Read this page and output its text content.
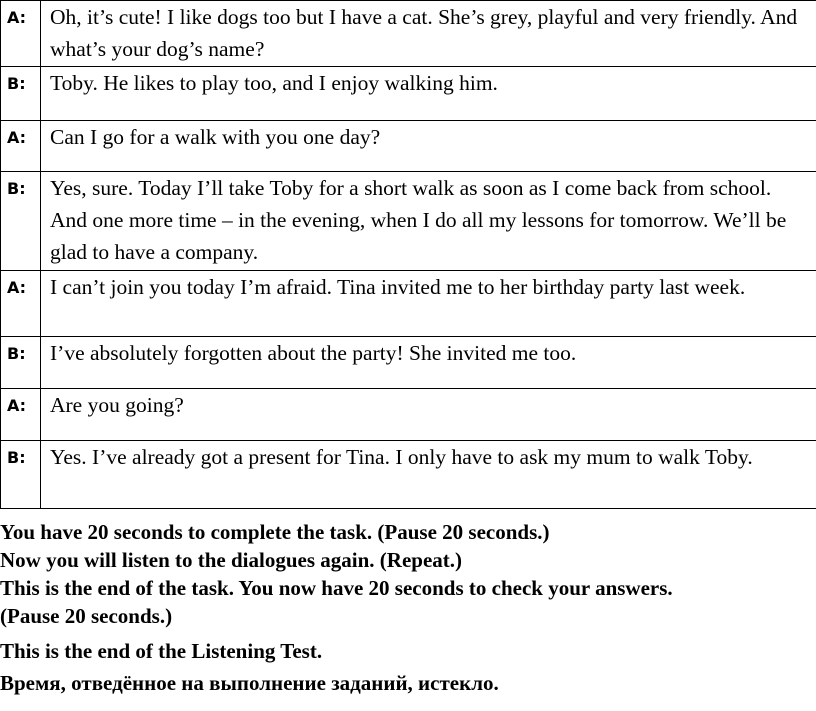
A:	Oh, it’s cute! I like dogs too but I have a cat. She’s grey, playful and very friendly. And what’s your dog’s name?
B:	Toby. He likes to play too, and I enjoy walking him.
A:	Can I go for a walk with you one day?
B:	Yes, sure. Today I’ll take Toby for a short walk as soon as I come back from school. And one more time – in the evening, when I do all my lessons for tomorrow. We’ll be glad to have a company.
A:	I can’t join you today I’m afraid. Tina invited me to her birthday party last week.
B:	I’ve absolutely forgotten about the party! She invited me too.
A:	Are you going?
B:	Yes. I’ve already got a present for Tina. I only have to ask my mum to walk Toby.
You have 20 seconds to complete the task. (Pause 20 seconds.)
Now you will listen to the dialogues again. (Repeat.)
This is the end of the task. You now have 20 seconds to check your answers.
(Pause 20 seconds.)
This is the end of the Listening Test.
Время, отведённое на выполнение заданий, истекло.
